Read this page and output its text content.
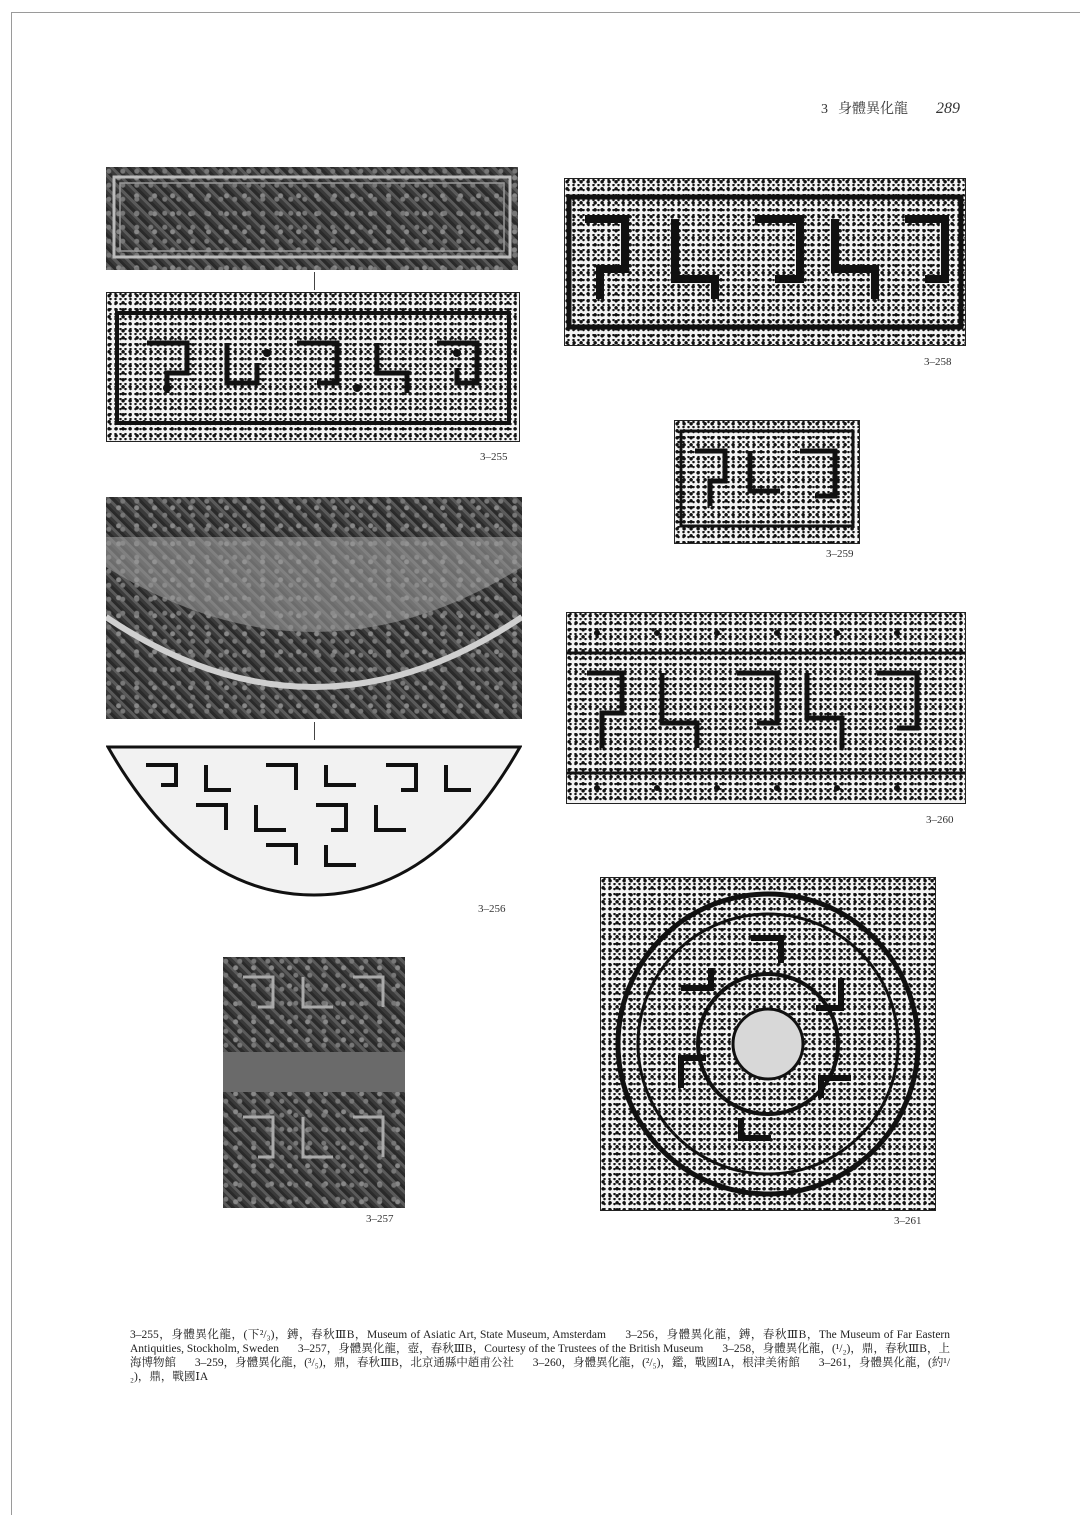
3 身體異化龍 289
3–255
3–256
3–257
3–258
3–259
3–260
3–261
3–255，身體異化龍，(下²/₃)，鎛，春秋ⅢB，Museum of Asiatic Art, State Museum, Amsterdam 3–256，身體異化龍，鎛，春秋ⅢB，The Museum of Far Eastern Antiquities, Stockholm, Sweden 3–257，身體異化龍，壺，春秋ⅢB，Courtesy of the Trustees of the British Museum 3–258，身體異化龍，(¹/₂)，鼎，春秋ⅢB，上海博物館 3–259，身體異化龍，(³/₅)，鼎，春秋ⅢB，北京通縣中趙甫公社 3–260，身體異化龍，(²/₅)，鑑，戰國ⅠA，根津美術館 3–261，身體異化龍，(約¹/₂)，鼎，戰國ⅠA
